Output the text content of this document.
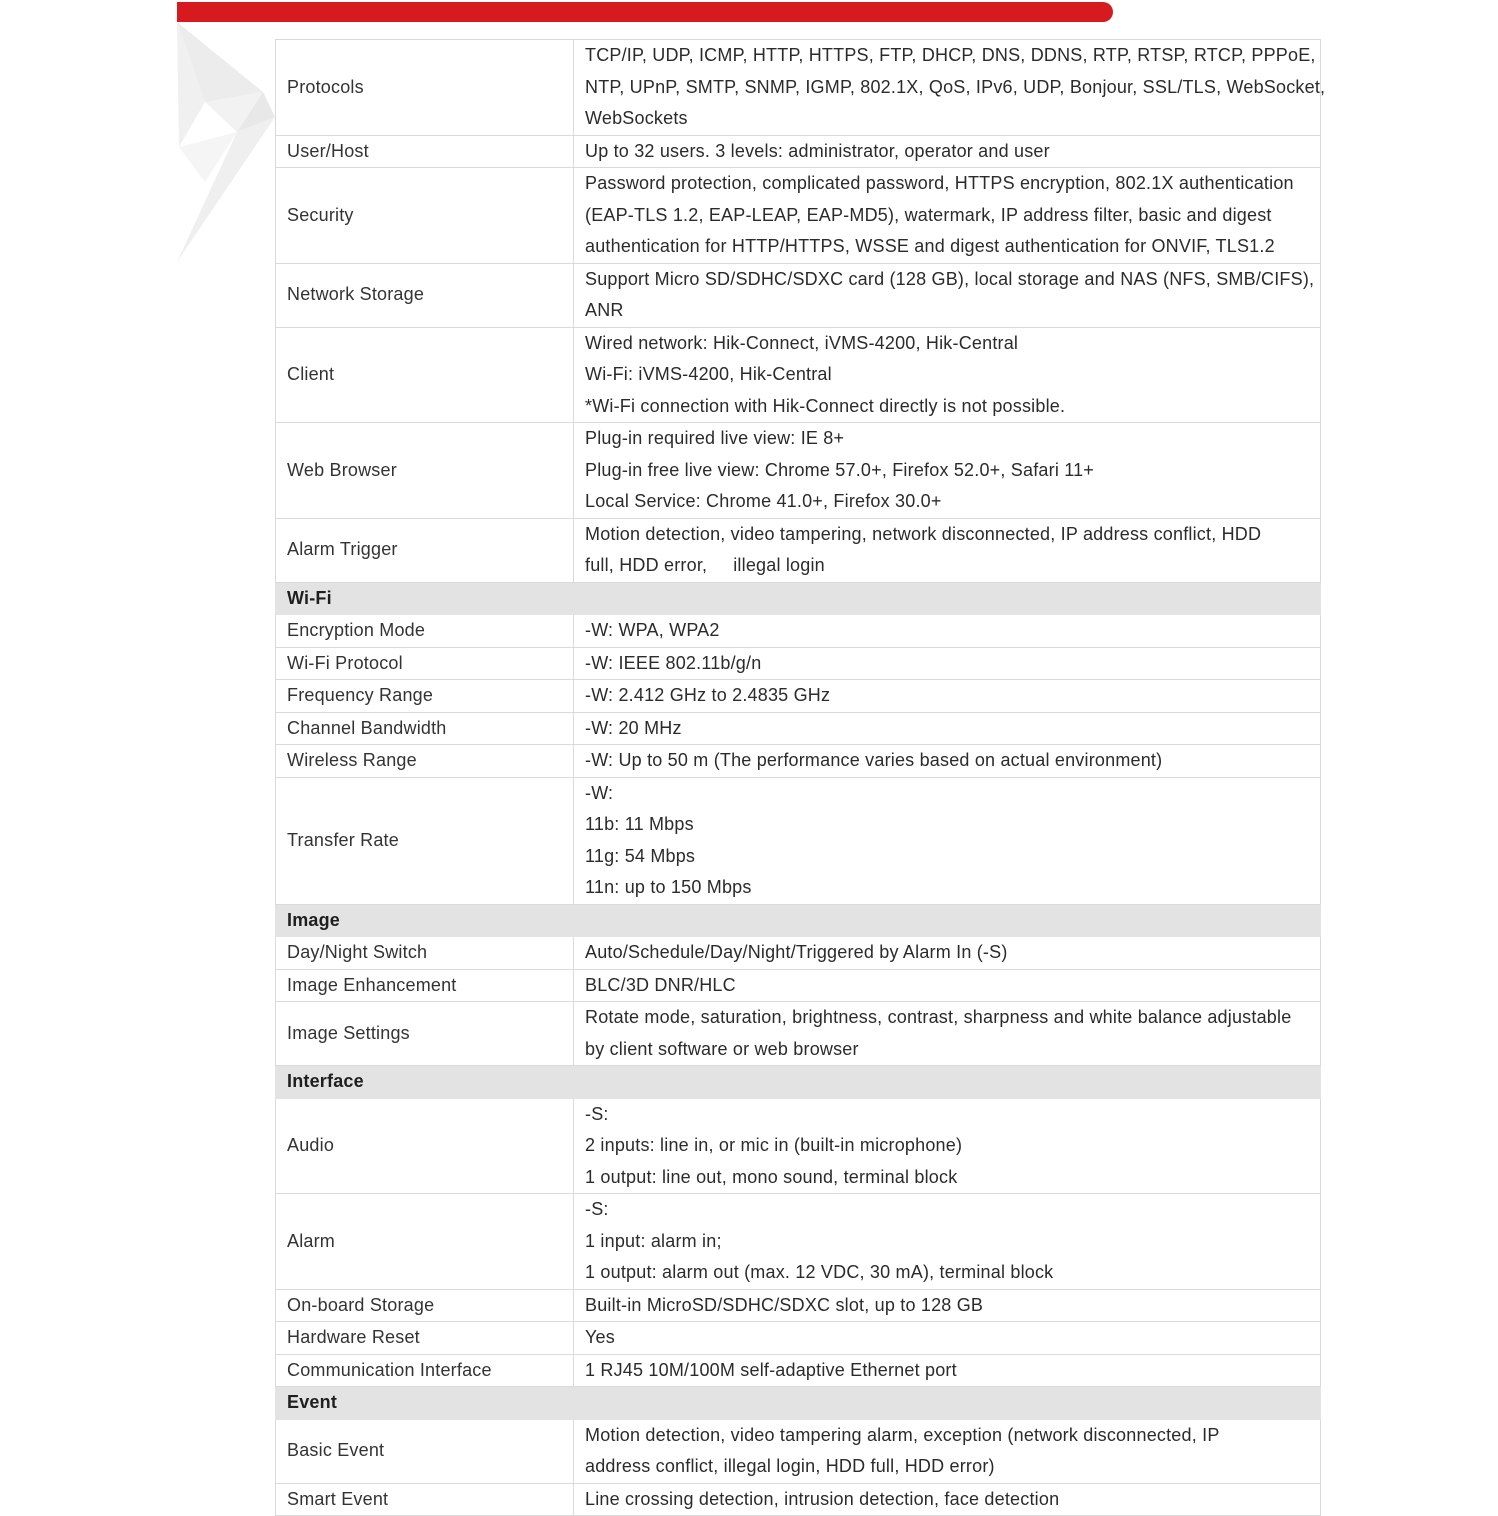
Protocols	TCP/IP, UDP, ICMP, HTTP, HTTPS, FTP, DHCP, DNS, DDNS, RTP, RTSP, RTCP, PPPoE,
NTP, UPnP, SMTP, SNMP, IGMP, 802.1X, QoS, IPv6, UDP, Bonjour, SSL/TLS, WebSocket,
WebSockets

User/Host	Up to 32 users. 3 levels: administrator, operator and user

Security	Password protection, complicated password, HTTPS encryption, 802.1X authentication
(EAP-TLS 1.2, EAP-LEAP, EAP-MD5), watermark, IP address filter, basic and digest
authentication for HTTP/HTTPS, WSSE and digest authentication for ONVIF, TLS1.2

Network Storage	Support Micro SD/SDHC/SDXC card (128 GB), local storage and NAS (NFS, SMB/CIFS),
ANR

Client	Wired network: Hik-Connect, iVMS-4200, Hik-Central
Wi-Fi: iVMS-4200, Hik-Central
*Wi-Fi connection with Hik-Connect directly is not possible.

Web Browser	Plug-in required live view: IE 8+
Plug-in free live view: Chrome 57.0+, Firefox 52.0+, Safari 11+
Local Service: Chrome 41.0+, Firefox 30.0+

Alarm Trigger	Motion detection, video tampering, network disconnected, IP address conflict, HDD
full, HDD error,     illegal login

Wi-Fi	
Encryption Mode	-W: WPA, WPA2

Wi-Fi Protocol	-W: IEEE 802.11b/g/n

Frequency Range	-W: 2.412 GHz to 2.4835 GHz

Channel Bandwidth	-W: 20 MHz

Wireless Range	-W: Up to 50 m (The performance varies based on actual environment)

Transfer Rate	-W:
11b: 11 Mbps
11g: 54 Mbps
11n: up to 150 Mbps

Image	
Day/Night Switch	Auto/Schedule/Day/Night/Triggered by Alarm In (-S)

Image Enhancement	BLC/3D DNR/HLC

Image Settings	Rotate mode, saturation, brightness, contrast, sharpness and white balance adjustable
by client software or web browser

Interface	
Audio	-S:
2 inputs: line in, or mic in (built-in microphone)
1 output: line out, mono sound, terminal block

Alarm	-S:
1 input: alarm in;
1 output: alarm out (max. 12 VDC, 30 mA), terminal block

On-board Storage	Built-in MicroSD/SDHC/SDXC slot, up to 128 GB

Hardware Reset	Yes

Communication Interface	1 RJ45 10M/100M self-adaptive Ethernet port

Event	
Basic Event	Motion detection, video tampering alarm, exception (network disconnected, IP
address conflict, illegal login, HDD full, HDD error)

Smart Event	Line crossing detection, intrusion detection, face detection
